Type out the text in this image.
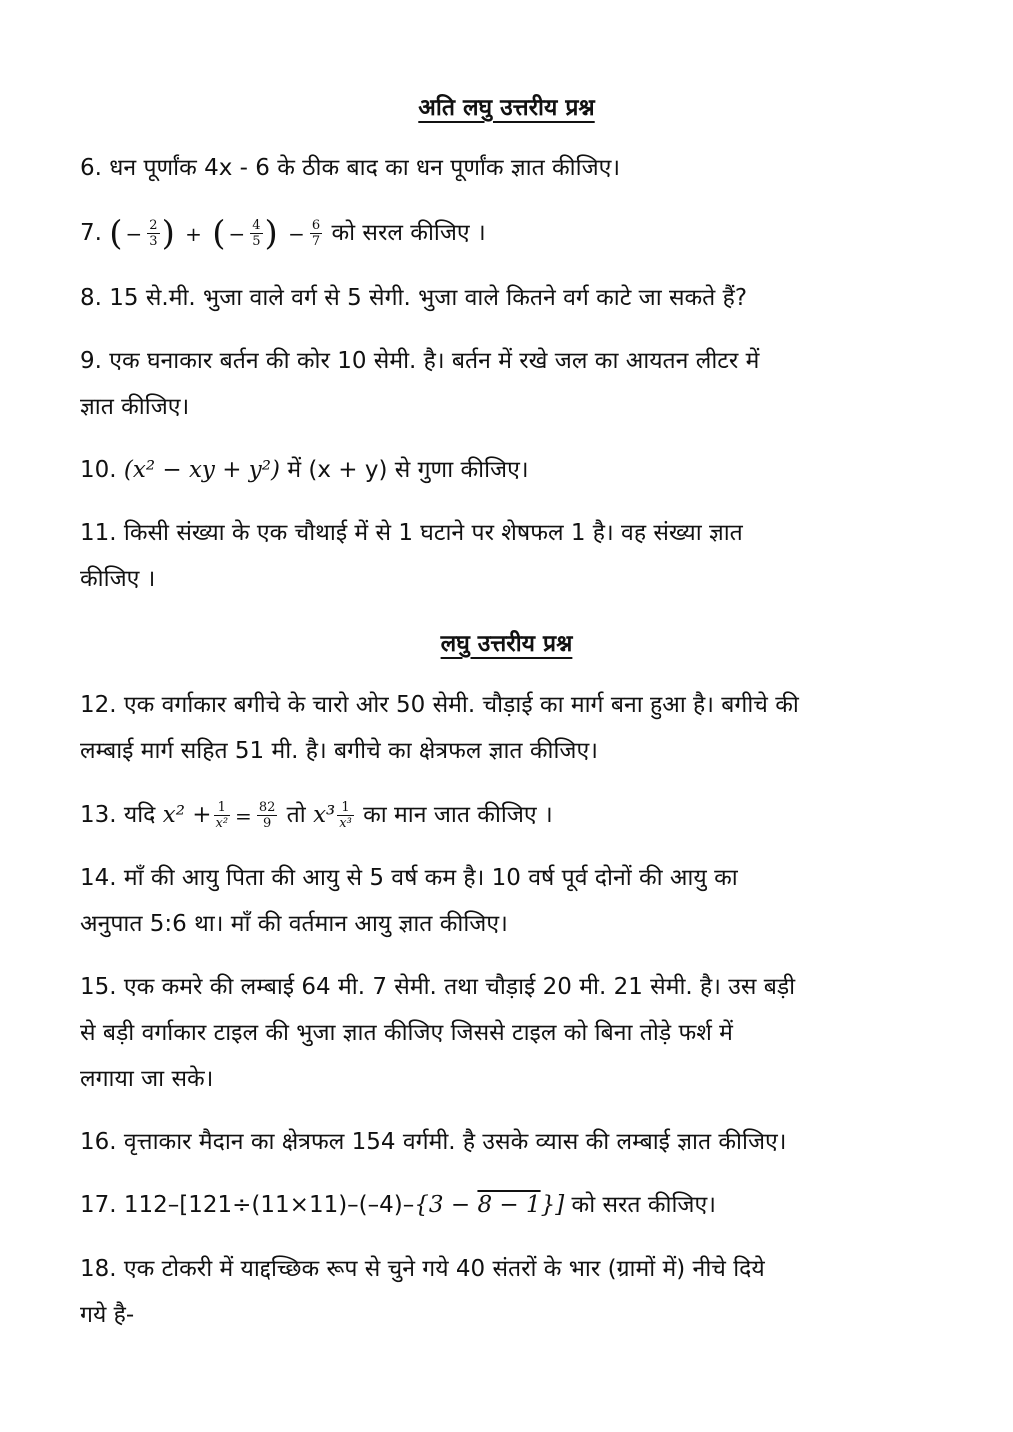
अति लघु उत्तरीय प्रश्न
6. धन पूर्णांक 4x - 6 के ठीक बाद का धन पूर्णांक ज्ञात कीजिए।
7. ( − $\frac{2}{3}$ ) + ( − $\frac{4}{5}$ ) − $\frac{6}{7}$ को सरल कीजिए ।
8. 15 से.मी. भुजा वाले वर्ग से 5 सेगी. भुजा वाले कितने वर्ग काटे जा सकते हैं?
9. एक घनाकार बर्तन की कोर 10 सेमी. है। बर्तन में रखे जल का आयतन लीटर में
ज्ञात कीजिए।
10. (x² − xy + y²) में (x + y) से गुणा कीजिए।
11. किसी संख्या के एक चौथाई में से 1 घटाने पर शेषफल 1 है। वह संख्या ज्ञात
कीजिए ।
लघु उत्तरीय प्रश्न
12. एक वर्गाकार बगीचे के चारो ओर 50 सेमी. चौड़ाई का मार्ग बना हुआ है। बगीचे की
लम्बाई मार्ग सहित 51 मी. है। बगीचे का क्षेत्रफल ज्ञात कीजिए।
13. यदि $x^2 + \frac{1}{\text{x²}} = \frac{82}{9}$ तो $x^3 \frac{1}{\text{x³}}$ का मान जात कीजिए ।
14. माँ की आयु पिता की आयु से 5 वर्ष कम है। 10 वर्ष पूर्व दोनों की आयु का
अनुपात 5:6 था। माँ की वर्तमान आयु ज्ञात कीजिए।
15. एक कमरे की लम्बाई 64 मी. 7 सेमी. तथा चौड़ाई 20 मी. 21 सेमी. है। उस बड़ी
से बड़ी वर्गाकार टाइल की भुजा ज्ञात कीजिए जिससे टाइल को बिना तोड़े फर्श में
लगाया जा सके।
16. वृत्ताकार मैदान का क्षेत्रफल 154 वर्गमी. है उसके व्यास की लम्बाई ज्ञात कीजिए।
17. 112–[121÷(11×11)–(–4)–{3 − 8 − 1}] को सरत कीजिए।
18. एक टोकरी में याद्दच्छिक रूप से चुने गये 40 संतरों के भार (ग्रामों में) नीचे दिये
गये है-
